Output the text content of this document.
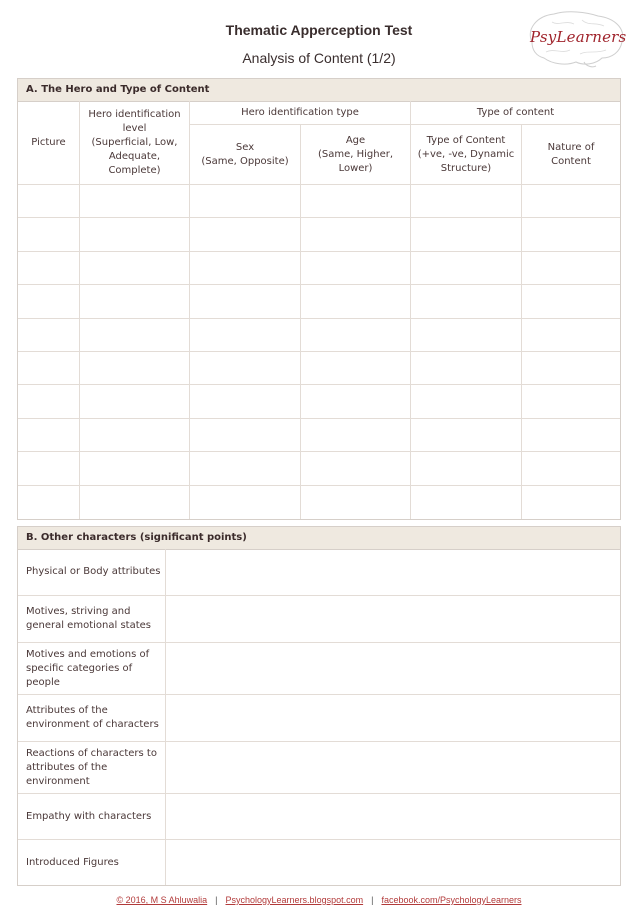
Thematic Apperception Test
Analysis of Content (1/2)
PsyLearners
A. The Hero and Type of Content
Picture
Hero identification
level
(Superficial, Low,
Adequate,
Complete)
Hero identification type	Type of content
Sex
(Same, Opposite)
Age
(Same, Higher,
Lower)
Type of Content
(+ve, -ve, Dynamic
Structure)
Nature of
Content
B. Other characters (significant points)
Physical or Body attributes
Motives, striving and
general emotional states
Motives and emotions of
specific categories of
people
Attributes of the
environment of characters
Reactions of characters to
attributes of the
environment
Empathy with characters
Introduced Figures
© 2016, M S Ahluwalia | PsychologyLearners.blogspot.com | facebook.com/PsychologyLearners
